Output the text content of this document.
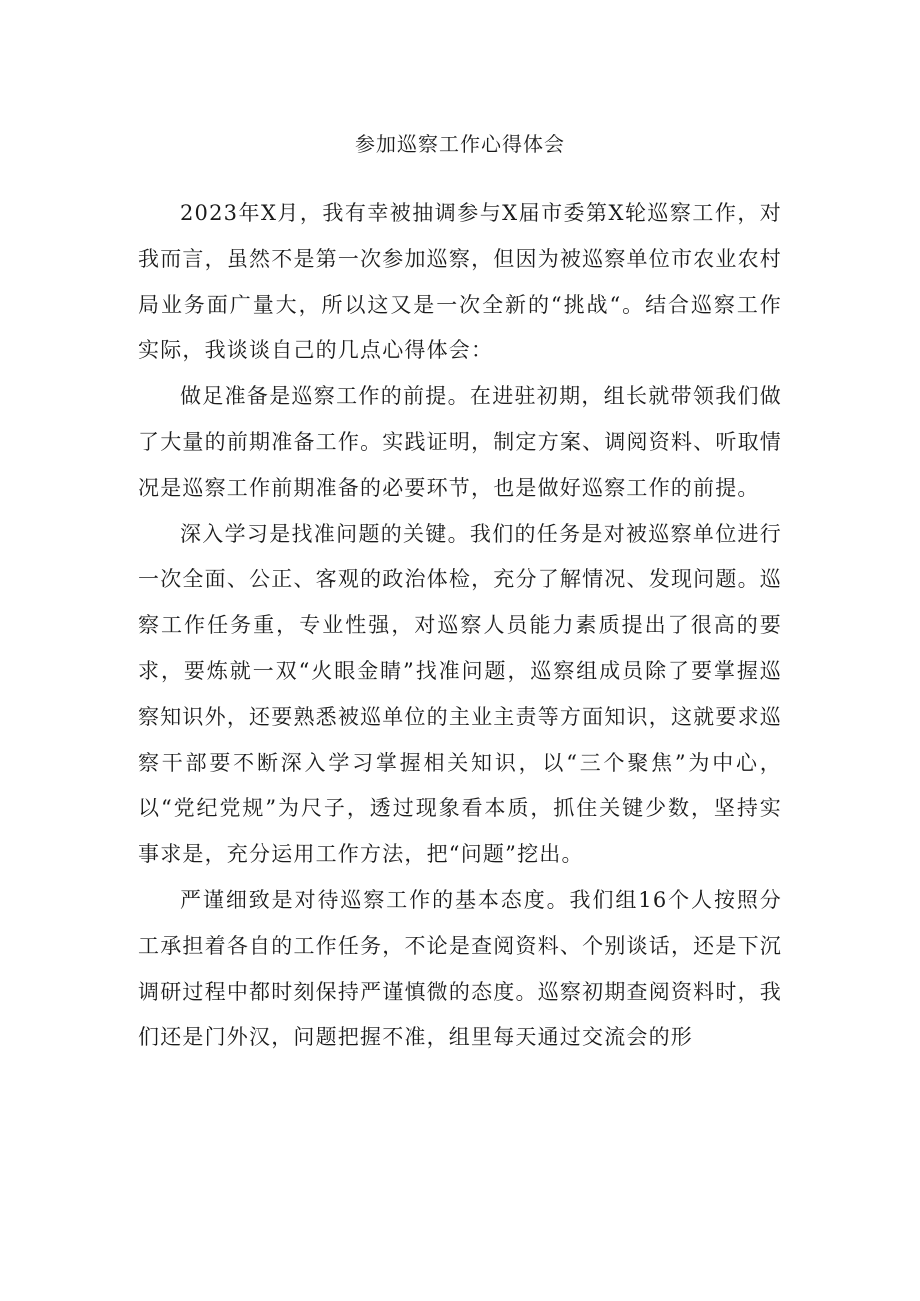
参加巡察工作心得体会

2023年X月，我有幸被抽调参与X届市委第X轮巡察工作，对我而言，虽然不是第一次参加巡察，但因为被巡察单位市农业农村局业务面广量大，所以这又是一次全新的“挑战“。结合巡察工作实际，我谈谈自己的几点心得体会：

做足准备是巡察工作的前提。在进驻初期，组长就带领我们做了大量的前期准备工作。实践证明，制定方案、调阅资料、听取情况是巡察工作前期准备的必要环节，也是做好巡察工作的前提。

深入学习是找准问题的关键。我们的任务是对被巡察单位进行一次全面、公正、客观的政治体检，充分了解情况、发现问题。巡察工作任务重，专业性强，对巡察人员能力素质提出了很高的要求，要炼就一双“火眼金睛”找准问题，巡察组成员除了要掌握巡察知识外，还要熟悉被巡单位的主业主责等方面知识，这就要求巡察干部要不断深入学习掌握相关知识，以“三个聚焦”为中心，以“党纪党规”为尺子，透过现象看本质，抓住关键少数，坚持实事求是，充分运用工作方法，把“问题”挖出。

严谨细致是对待巡察工作的基本态度。我们组16个人按照分工承担着各自的工作任务，不论是查阅资料、个别谈话，还是下沉调研过程中都时刻保持严谨慎微的态度。巡察初期查阅资料时，我们还是门外汉，问题把握不准，组里每天通过交流会的形
